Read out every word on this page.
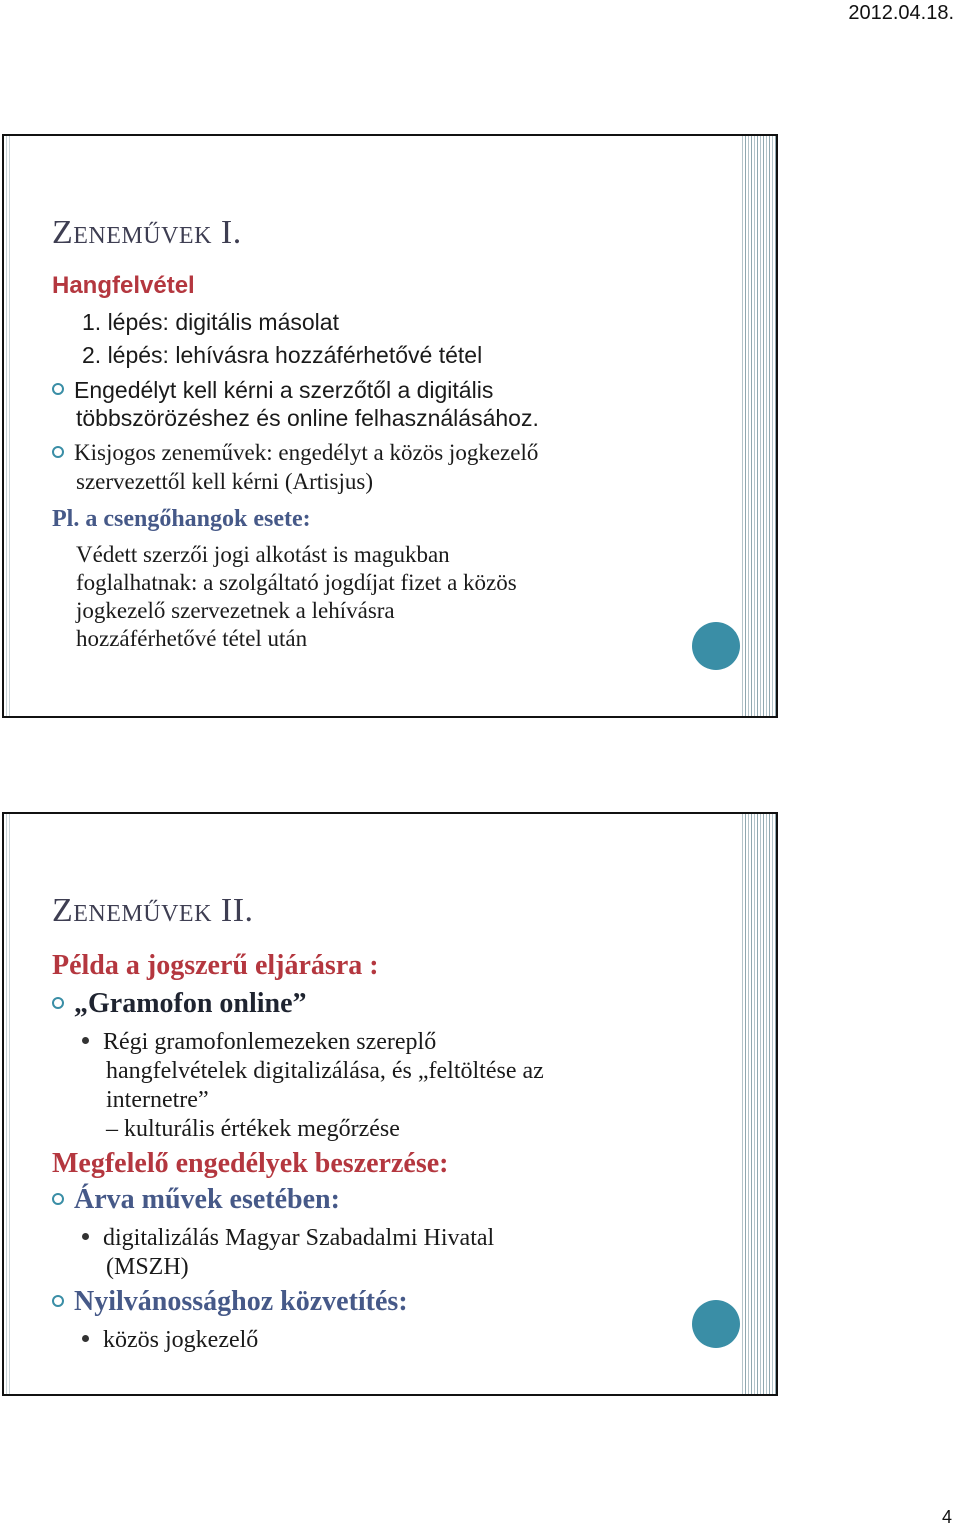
2012.04.18.
Zeneművek I.
Hangfelvétel
1. lépés: digitális másolat
2. lépés: lehívásra hozzáférhetővé tétel
Engedélyt kell kérni a szerzőtől a digitális
többszörözéshez és online felhasználásához.
Kisjogos zeneművek: engedélyt a közös jogkezelő
szervezettől kell kérni (Artisjus)
Pl. a csengőhangok esete:
Védett szerzői jogi alkotást is magukban
foglalhatnak: a szolgáltató jogdíjat fizet a közös
jogkezelő szervezetnek a lehívásra
hozzáférhetővé tétel után
Zeneművek II.
Példa a jogszerű eljárásra :
„Gramofon online”
Régi gramofonlemezeken szereplő
hangfelvételek digitalizálása, és „feltöltése az
internetre”
– kulturális értékek megőrzése
Megfelelő engedélyek beszerzése:
Árva művek esetében:
digitalizálás Magyar Szabadalmi Hivatal
(MSZH)
Nyilvánossághoz közvetítés:
közös jogkezelő
4
